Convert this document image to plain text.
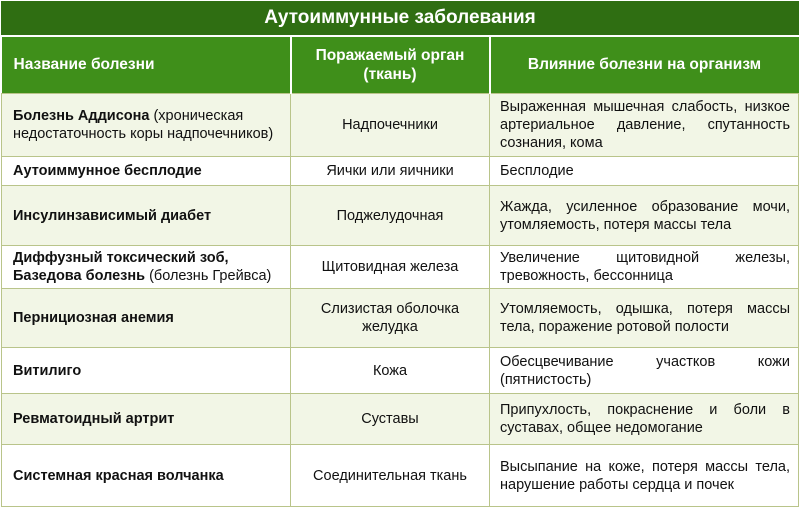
Аутоиммунные заболевания		
Название болезни	Поражаемый орган (ткань)	Влияние болезни на организм
Болезнь Аддисона (хроническая недостаточность коры надпочечников)	Надпочечники	Выраженная мышечная слабость, низкое артериальное давление, спутанность сознания, кома
Аутоиммунное бесплодие	Яички или яичники	Бесплодие
Инсулинзависимый диабет	Поджелудочная	Жажда, усиленное образование мочи, утомляемость, потеря массы тела
Диффузный токсический зоб, Базедова болезнь (болезнь Грейвса)	Щитовидная железа	Увеличение щитовидной железы, тревожность, бессонница
Пернициозная анемия	Слизистая оболочка желудка	Утомляемость, одышка, потеря массы тела, поражение ротовой полости
Витилиго	Кожа	Обесцвечивание участков кожи (пятнистость)
Ревматоидный артрит	Суставы	Припухлость, покраснение и боли в суставах, общее недомогание
Системная красная волчанка	Соединительная ткань	Высыпание на коже, потеря массы тела, нарушение работы сердца и почек
